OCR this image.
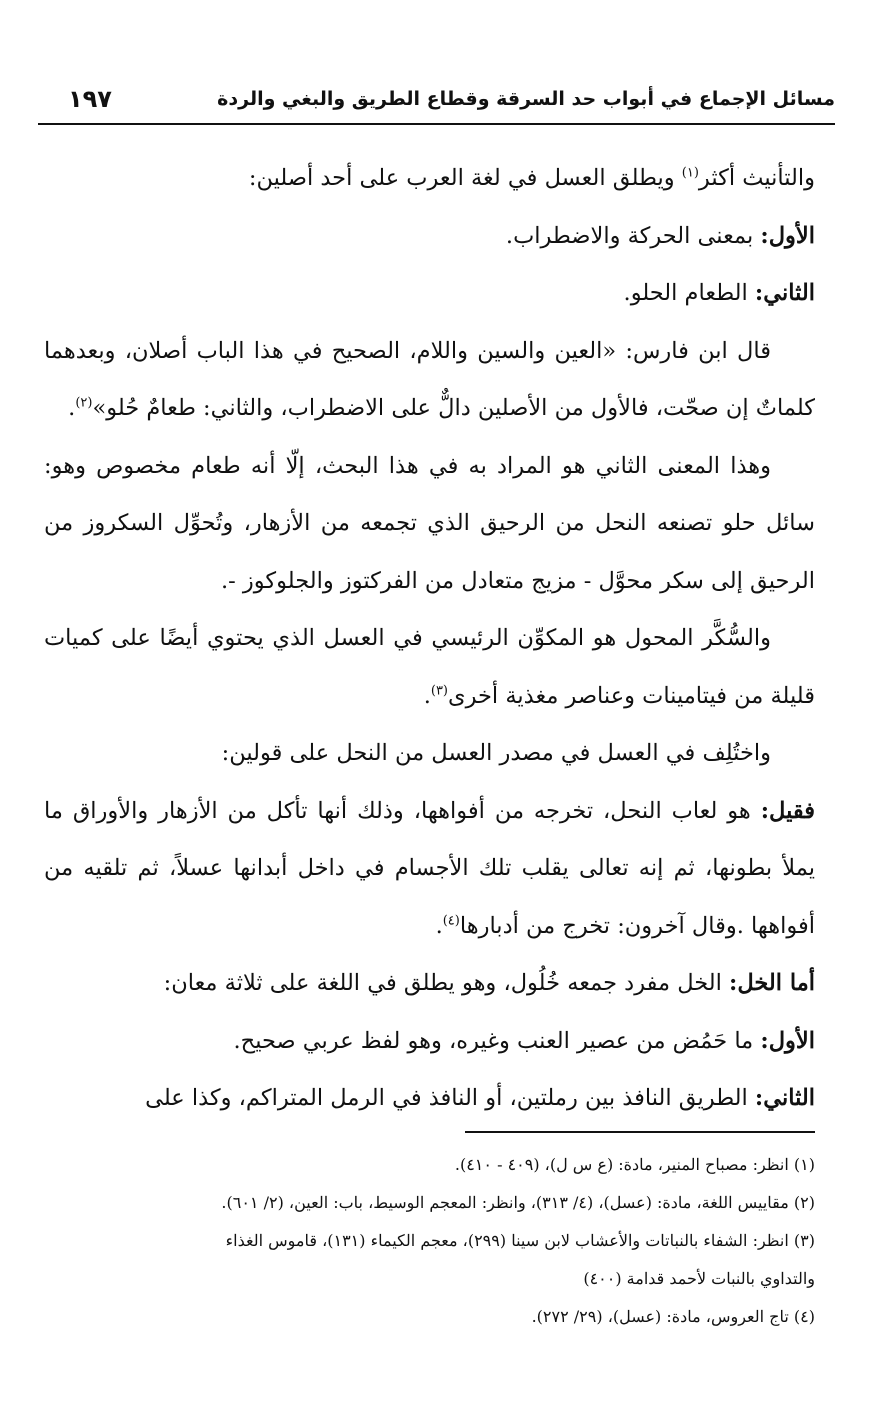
مسائل الإجماع في أبواب حد السرقة وقطاع الطريق والبغي والردة
١٩٧

والتأنيث أكثر$^{(١)}$ ويطلق العسل في لغة العرب على أحد أصلين:

الأول: بمعنى الحركة والاضطراب.

الثاني: الطعام الحلو.

قال ابن فارس: «العين والسين واللام، الصحيح في هذا الباب أصلان، وبعدهما كلماتٌ إن صحّت، فالأول من الأصلين دالٌّ على الاضطراب، والثاني: طعامٌ حُلو»$^{(٢)}$.

وهذا المعنى الثاني هو المراد به في هذا البحث، إلّا أنه طعام مخصوص وهو: سائل حلو تصنعه النحل من الرحيق الذي تجمعه من الأزهار، وتُحوِّل السكروز من الرحيق إلى سكر محوَّل - مزيج متعادل من الفركتوز والجلوكوز -.

والسُّكَّر المحول هو المكوِّن الرئيسي في العسل الذي يحتوي أيضًا على كميات قليلة من فيتامينات وعناصر مغذية أخرى$^{(٣)}$.

واختُلِف في العسل في مصدر العسل من النحل على قولين:

فقيل: هو لعاب النحل، تخرجه من أفواهها، وذلك أنها تأكل من الأزهار والأوراق ما يملأ بطونها، ثم إنه تعالى يقلب تلك الأجسام في داخل أبدانها عسلاً، ثم تلقيه من أفواهها .وقال آخرون: تخرج من أدبارها$^{(٤)}$.

أما الخل: الخل مفرد جمعه خُلُول، وهو يطلق في اللغة على ثلاثة معان:

الأول: ما حَمُض من عصير العنب وغيره، وهو لفظ عربي صحيح.

الثاني: الطريق النافذ بين رملتين، أو النافذ في الرمل المتراكم، وكذا على

(١) انظر: مصباح المنير، مادة: (ع س ل)، (٤٠٩ - ٤١٠).

(٢) مقاييس اللغة، مادة: (عسل)، (٤/ ٣١٣)، وانظر: المعجم الوسيط، باب: العين، (٢/ ٦٠١).

(٣) انظر: الشفاء بالنباتات والأعشاب لابن سينا (٢٩٩)، معجم الكيماء (١٣١)، قاموس الغذاء

والتداوي بالنبات لأحمد قدامة (٤٠٠)

(٤) تاج العروس، مادة: (عسل)، (٢٩/ ٢٧٢).
